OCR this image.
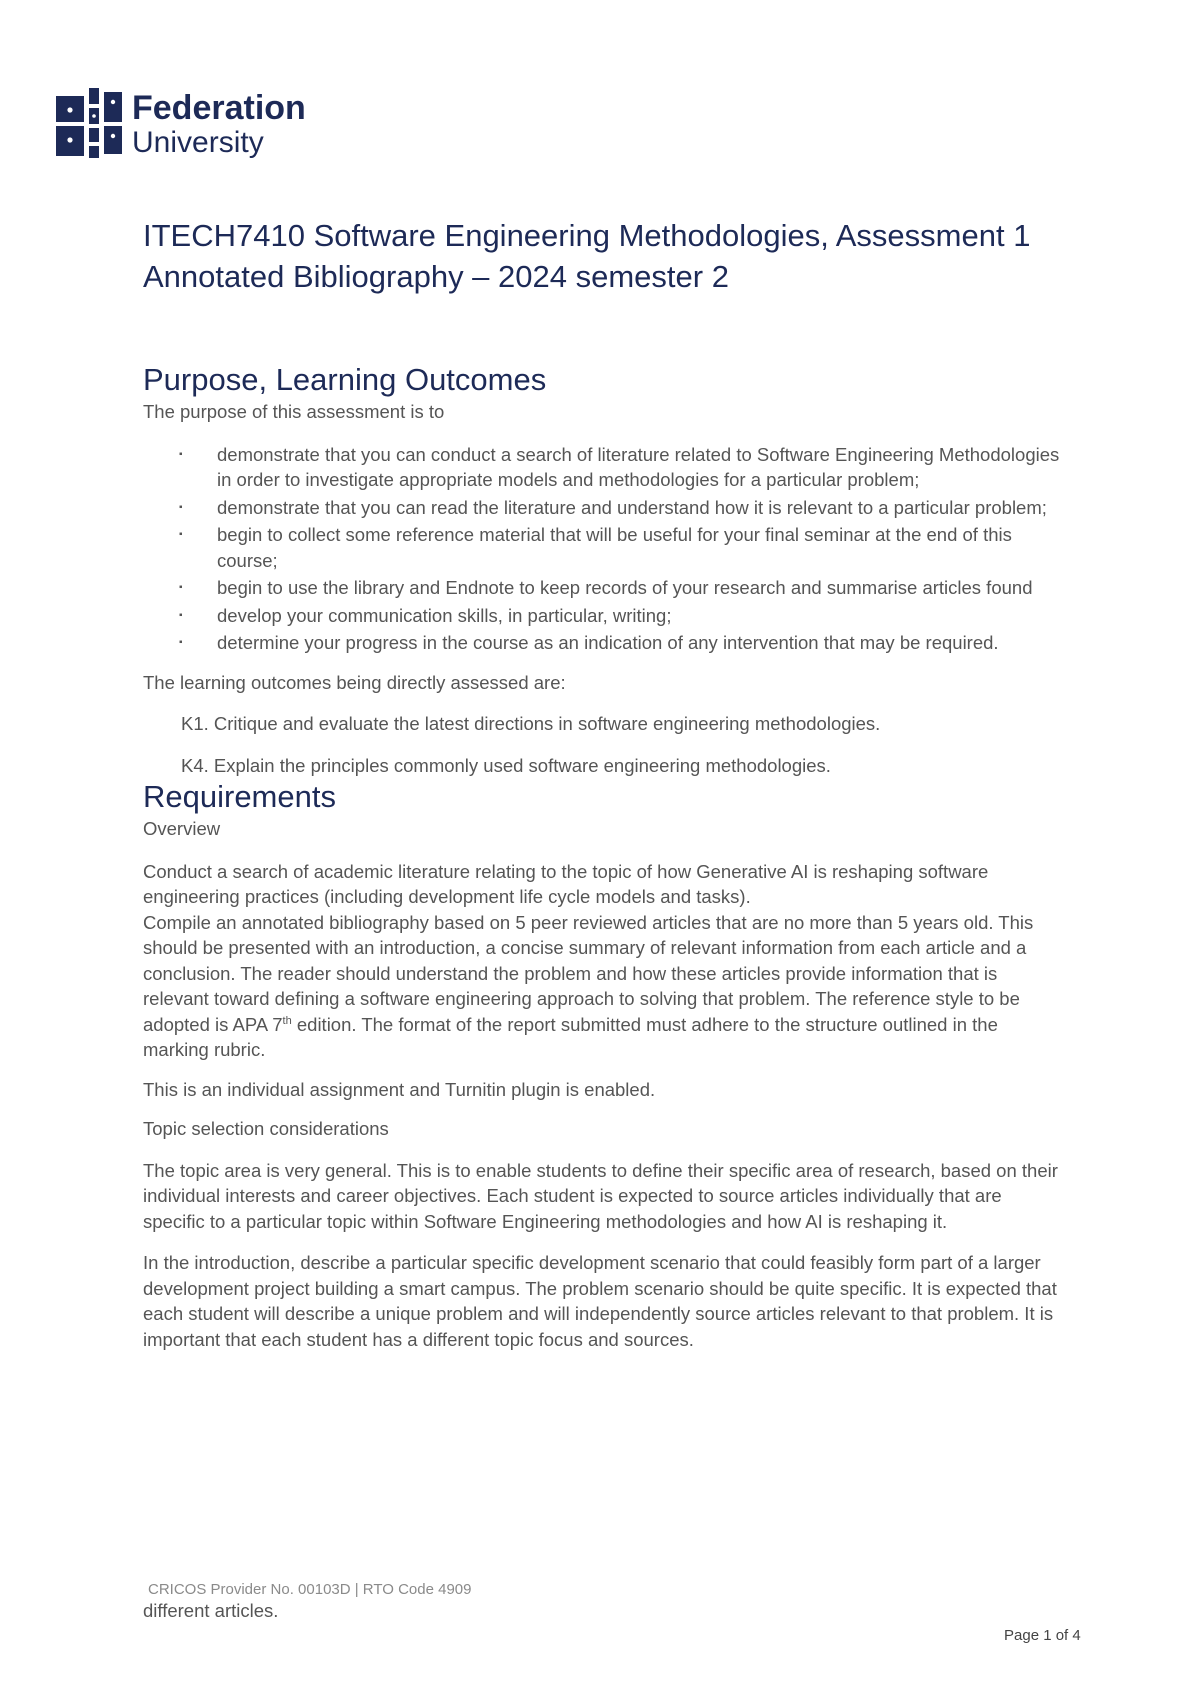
Federation
University
ITECH7410 Software Engineering Methodologies, Assessment 1 Annotated Bibliography – 2024 semester 2
Purpose, Learning Outcomes

The purpose of this assessment is to

▪ demonstrate that you can conduct a search of literature related to Software Engineering Methodologies in order to investigate appropriate models and methodologies for a particular problem;
▪ demonstrate that you can read the literature and understand how it is relevant to a particular problem;
▪ begin to collect some reference material that will be useful for your final seminar at the end of this course;
▪ begin to use the library and Endnote to keep records of your research and summarise articles found
▪ develop your communication skills, in particular, writing;
▪ determine your progress in the course as an indication of any intervention that may be required.

The learning outcomes being directly assessed are:

K1. Critique and evaluate the latest directions in software engineering methodologies.

K4. Explain the principles commonly used software engineering methodologies.

Requirements

Overview

Conduct a search of academic literature relating to the topic of how Generative AI is reshaping software engineering practices (including development life cycle models and tasks).

Compile an annotated bibliography based on 5 peer reviewed articles that are no more than 5 years old. This should be presented with an introduction, a concise summary of relevant information from each article and a conclusion. The reader should understand the problem and how these articles provide information that is relevant toward defining a software engineering approach to solving that problem. The reference style to be adopted is APA 7th edition. The format of the report submitted must adhere to the structure outlined in the marking rubric.

This is an individual assignment and Turnitin plugin is enabled.

Topic selection considerations

The topic area is very general. This is to enable students to define their specific area of research, based on their individual interests and career objectives. Each student is expected to source articles individually that are specific to a particular topic within Software Engineering methodologies and how AI is reshaping it.

In the introduction, describe a particular specific development scenario that could feasibly form part of a larger development project building a smart campus. The problem scenario should be quite specific. It is expected that each student will describe a unique problem and will independently source articles relevant to that problem. It is important that each student has a different topic focus and sources.

CRICOS Provider No. 00103D | RTO Code 4909
different articles.
Page 1 of 4
